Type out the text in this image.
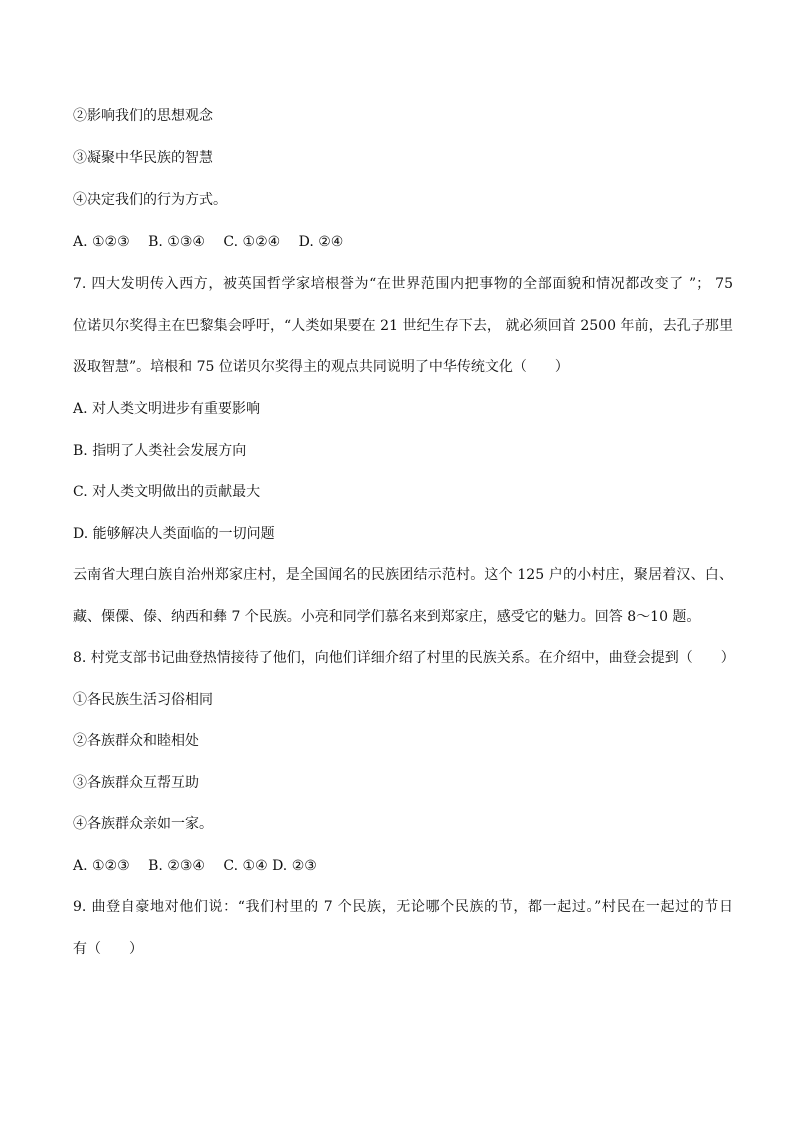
②影响我们的思想观念
③凝聚中华民族的智慧
④决定我们的行为方式。
A. ①②③　 B. ①③④　 C. ①②④　 D. ②④
7. 四大发明传入西方，被英国哲学家培根誉为“在世界范围内把事物的全部面貌和情况都改变了 ”； 75
位诺贝尔奖得主在巴黎集会呼吁，“人类如果要在 21 世纪生存下去， 就必须回首 2500 年前，去孔子那里
汲取智慧”。培根和 75 位诺贝尔奖得主的观点共同说明了中华传统文化（　　）
A. 对人类文明进步有重要影响
B. 指明了人类社会发展方向
C. 对人类文明做出的贡献最大
D. 能够解决人类面临的一切问题
云南省大理白族自治州郑家庄村，是全国闻名的民族团结示范村。这个 125 户的小村庄，聚居着汉、白、
藏、傈僳、傣、纳西和彝 7 个民族。小亮和同学们慕名来到郑家庄，感受它的魅力。回答 8～10 题。
8. 村党支部书记曲登热情接待了他们，向他们详细介绍了村里的民族关系。在介绍中，曲登会提到（　　）
①各民族生活习俗相同
②各族群众和睦相处
③各族群众互帮互助
④各族群众亲如一家。
A. ①②③　 B. ②③④　 C. ①④ D. ②③
9. 曲登自豪地对他们说：“我们村里的 7 个民族，无论哪个民族的节，都一起过。”村民在一起过的节日
有（　　）
